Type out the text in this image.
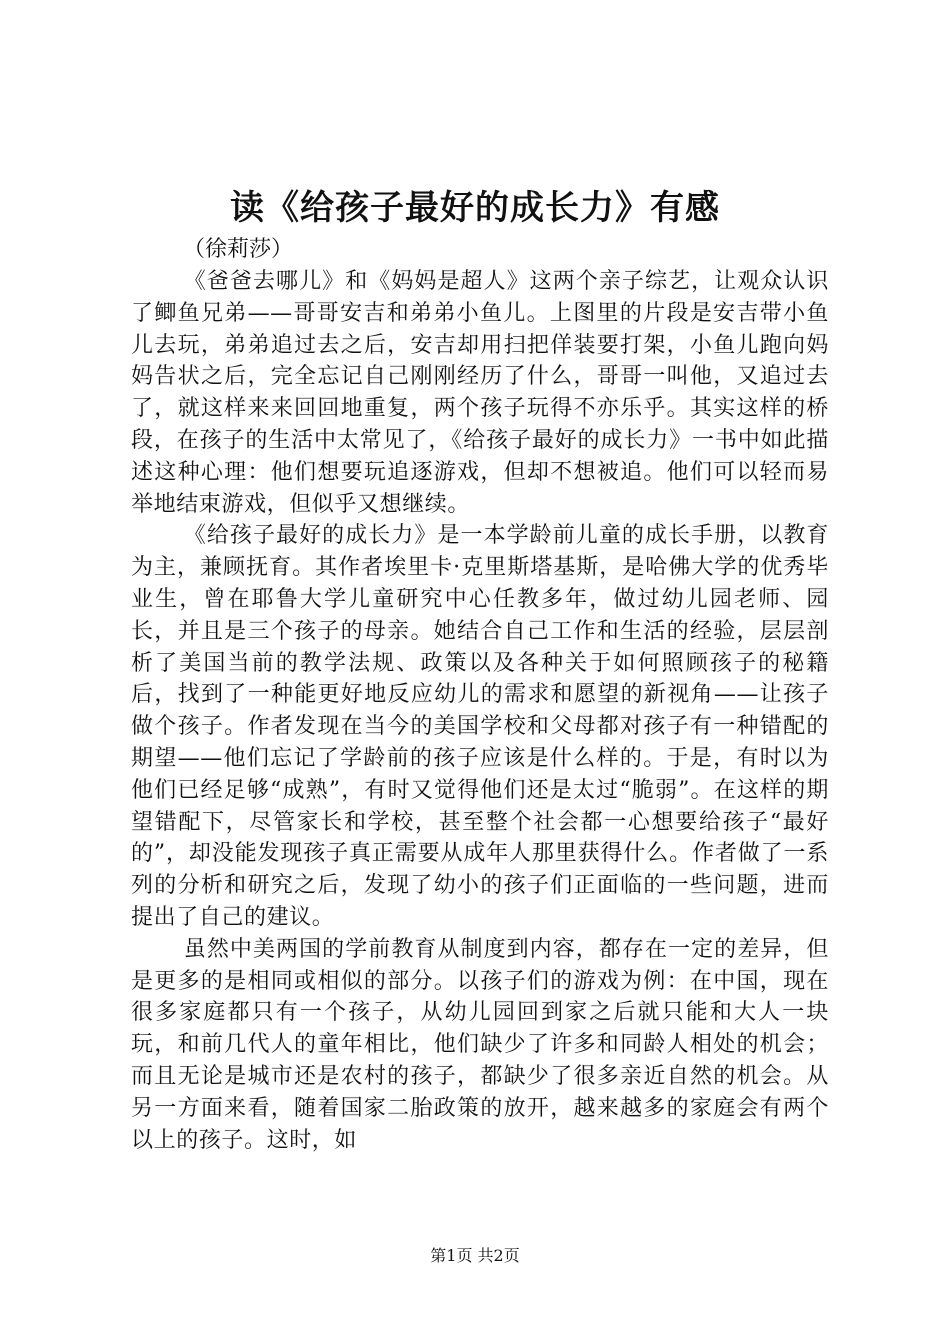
读《给孩子最好的成长力》有感

（徐莉莎）

《爸爸去哪儿》和《妈妈是超人》这两个亲子综艺，让观众认识了鲫鱼兄弟——哥哥安吉和弟弟小鱼儿。上图里的片段是安吉带小鱼儿去玩，弟弟追过去之后，安吉却用扫把佯装要打架，小鱼儿跑向妈妈告状之后，完全忘记自己刚刚经历了什么，哥哥一叫他，又追过去了，就这样来来回回地重复，两个孩子玩得不亦乐乎。其实这样的桥段，在孩子的生活中太常见了，《给孩子最好的成长力》一书中如此描述这种心理：他们想要玩追逐游戏，但却不想被追。他们可以轻而易举地结束游戏，但似乎又想继续。

《给孩子最好的成长力》是一本学龄前儿童的成长手册，以教育为主，兼顾抚育。其作者埃里卡·克里斯塔基斯，是哈佛大学的优秀毕业生，曾在耶鲁大学儿童研究中心任教多年，做过幼儿园老师、园长，并且是三个孩子的母亲。她结合自己工作和生活的经验，层层剖析了美国当前的教学法规、政策以及各种关于如何照顾孩子的秘籍后，找到了一种能更好地反应幼儿的需求和愿望的新视角——让孩子做个孩子。作者发现在当今的美国学校和父母都对孩子有一种错配的期望——他们忘记了学龄前的孩子应该是什么样的。于是，有时以为他们已经足够“成熟”，有时又觉得他们还是太过“脆弱”。在这样的期望错配下，尽管家长和学校，甚至整个社会都一心想要给孩子“最好的”，却没能发现孩子真正需要从成年人那里获得什么。作者做了一系列的分析和研究之后，发现了幼小的孩子们正面临的一些问题，进而提出了自己的建议。

虽然中美两国的学前教育从制度到内容，都存在一定的差异，但是更多的是相同或相似的部分。以孩子们的游戏为例：在中国，现在很多家庭都只有一个孩子，从幼儿园回到家之后就只能和大人一块玩，和前几代人的童年相比，他们缺少了许多和同龄人相处的机会；而且无论是城市还是农村的孩子，都缺少了很多亲近自然的机会。从另一方面来看，随着国家二胎政策的放开，越来越多的家庭会有两个以上的孩子。这时，如

第1页 共2页
